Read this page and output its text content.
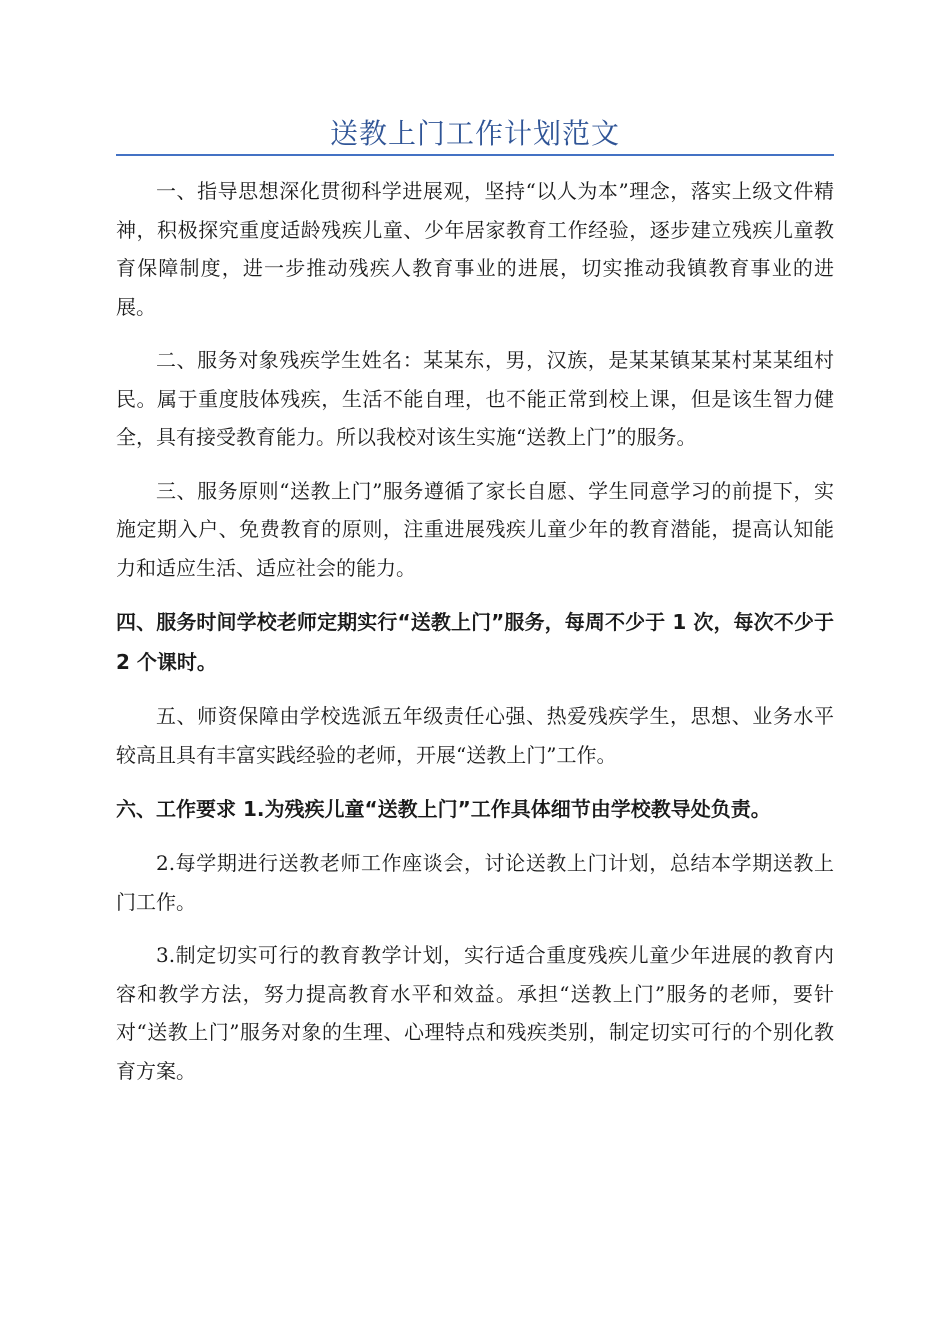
送教上门工作计划范文

一、指导思想深化贯彻科学进展观，坚持“以人为本”理念，落实上级文件精神，积极探究重度适龄残疾儿童、少年居家教育工作经验，逐步建立残疾儿童教育保障制度，进一步推动残疾人教育事业的进展，切实推动我镇教育事业的进展。

二、服务对象残疾学生姓名：某某东，男，汉族，是某某镇某某村某某组村民。属于重度肢体残疾，生活不能自理，也不能正常到校上课，但是该生智力健全，具有接受教育能力。所以我校对该生实施“送教上门”的服务。

三、服务原则“送教上门”服务遵循了家长自愿、学生同意学习的前提下，实施定期入户、免费教育的原则，注重进展残疾儿童少年的教育潜能，提高认知能力和适应生活、适应社会的能力。

四、服务时间学校老师定期实行“送教上门”服务，每周不少于 1 次，每次不少于 2 个课时。

五、师资保障由学校选派五年级责任心强、热爱残疾学生，思想、业务水平较高且具有丰富实践经验的老师，开展“送教上门”工作。

六、工作要求 1.为残疾儿童“送教上门”工作具体细节由学校教导处负责。

2.每学期进行送教老师工作座谈会，讨论送教上门计划，总结本学期送教上门工作。

3.制定切实可行的教育教学计划，实行适合重度残疾儿童少年进展的教育内容和教学方法，努力提高教育水平和效益。承担“送教上门”服务的老师，要针对“送教上门”服务对象的生理、心理特点和残疾类别，制定切实可行的个别化教育方案。
